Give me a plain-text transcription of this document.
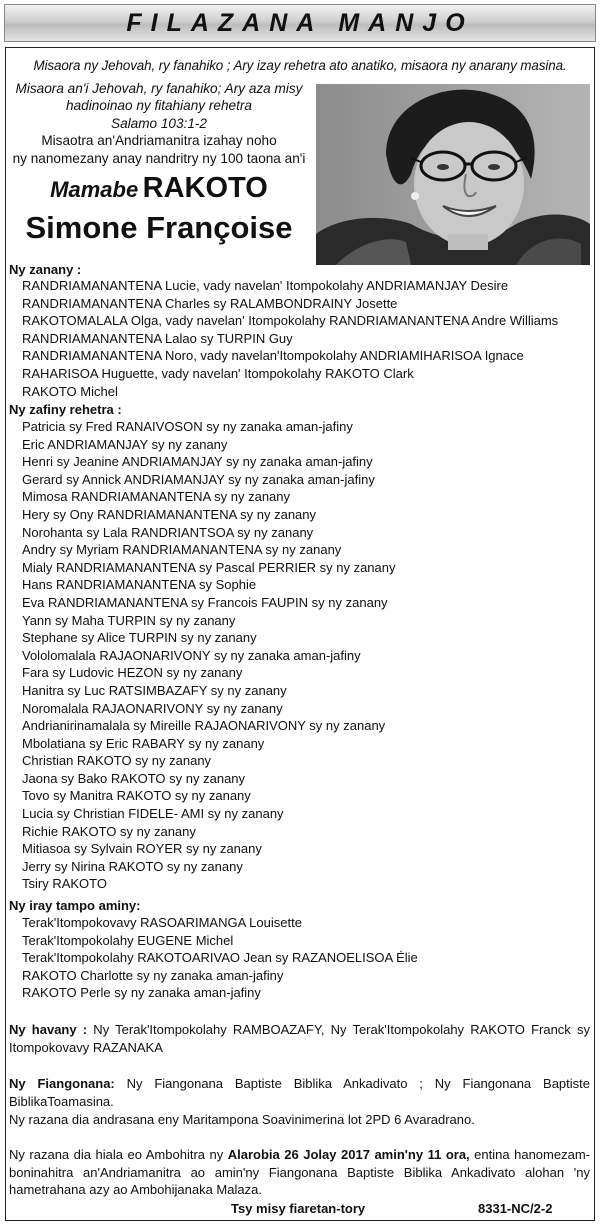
FILAZANA MANJO
Misaora ny Jehovah, ry fanahiko ; Ary izay rehetra ato anatiko, misaora ny anarany masina.
Misaora an'i Jehovah, ry fanahiko; Ary aza misy
hadinoinao ny fitahiany rehetra
Salamo 103:1-2
Misaotra an'Andriamanitra izahay noho
ny nanomezany anay nandritry ny 100 taona an'i
Mamabe RAKOTO
Simone Françoise
Ny zanany :
RANDRIAMANANTENA Lucie, vady navelan' Itompokolahy ANDRIAMANJAY Desire
RANDRIAMANANTENA Charles sy RALAMBONDRAINY Josette
RAKOTOMALALA Olga, vady navelan' Itompokolahy RANDRIAMANANTENA Andre Williams
RANDRIAMANANTENA Lalao sy TURPIN Guy
RANDRIAMANANTENA Noro, vady navelan'Itompokolahy ANDRIAMIHARISOA Ignace
RAHARISOA Huguette, vady navelan' Itompokolahy RAKOTO Clark
RAKOTO Michel
Ny zafiny rehetra :
Patricia sy Fred RANAIVOSON sy ny zanaka aman-jafiny
Eric ANDRIAMANJAY sy ny zanany
Henri sy Jeanine ANDRIAMANJAY sy ny zanaka aman-jafiny
Gerard sy Annick ANDRIAMANJAY sy ny zanaka aman-jafiny
Mimosa RANDRIAMANANTENA sy ny zanany
Hery sy Ony RANDRIAMANANTENA sy ny zanany
Norohanta sy Lala RANDRIANTSOA sy ny zanany
Andry sy Myriam RANDRIAMANANTENA sy ny zanany
Mialy RANDRIAMANANTENA sy Pascal PERRIER sy ny zanany
Hans RANDRIAMANANTENA sy Sophie
Eva RANDRIAMANANTENA sy Francois FAUPIN sy ny zanany
Yann sy Maha TURPIN sy ny zanany
Stephane sy Alice TURPIN sy ny zanany
Vololomalala RAJAONARIVONY sy ny zanaka aman-jafiny
Fara sy Ludovic HEZON sy ny zanany
Hanitra sy Luc RATSIMBAZAFY sy ny zanany
Noromalala RAJAONARIVONY sy ny zanany
Andrianirinamalala sy Mireille RAJAONARIVONY sy ny zanany
Mbolatiana sy Eric RABARY sy ny zanany
Christian RAKOTO sy ny zanany
Jaona sy Bako RAKOTO sy ny zanany
Tovo sy Manitra RAKOTO sy ny zanany
Lucia sy Christian FIDELE- AMI sy ny zanany
Richie RAKOTO sy ny zanany
Mitiasoa sy Sylvain ROYER sy ny zanany
Jerry sy Nirina RAKOTO sy ny zanany
Tsiry RAKOTO
Ny iray tampo aminy:
Terak'Itompokovavy RASOARIMANGA Louisette
Terak'Itompokolahy EUGENE Michel
Terak'Itompokolahy RAKOTOARIVAO Jean sy RAZANOELISOA Élie
RAKOTO Charlotte sy ny zanaka aman-jafiny
RAKOTO Perle sy ny zanaka aman-jafiny
Ny havany : Ny Terak'Itompokolahy RAMBOAZAFY, Ny Terak'Itompokolahy RAKOTO Franck sy Itompokovavy RAZANAKA
Ny Fiangonana: Ny Fiangonana Baptiste Biblika Ankadivato ; Ny Fiangonana Baptiste BiblikaToamasina.
Ny razana dia andrasana eny Maritampona Soavinimerina lot 2PD 6 Avaradrano.
Ny razana dia hiala eo Ambohitra ny Alarobia 26 Jolay 2017 amin'ny 11 ora, entina hanomezam-boninahitra an'Andriamanitra ao amin'ny Fiangonana Baptiste Biblika Ankadivato alohan 'ny hametrahana azy ao Ambohijanaka Malaza.
Tsy misy fiaretan-tory	8331-NC/2-2
